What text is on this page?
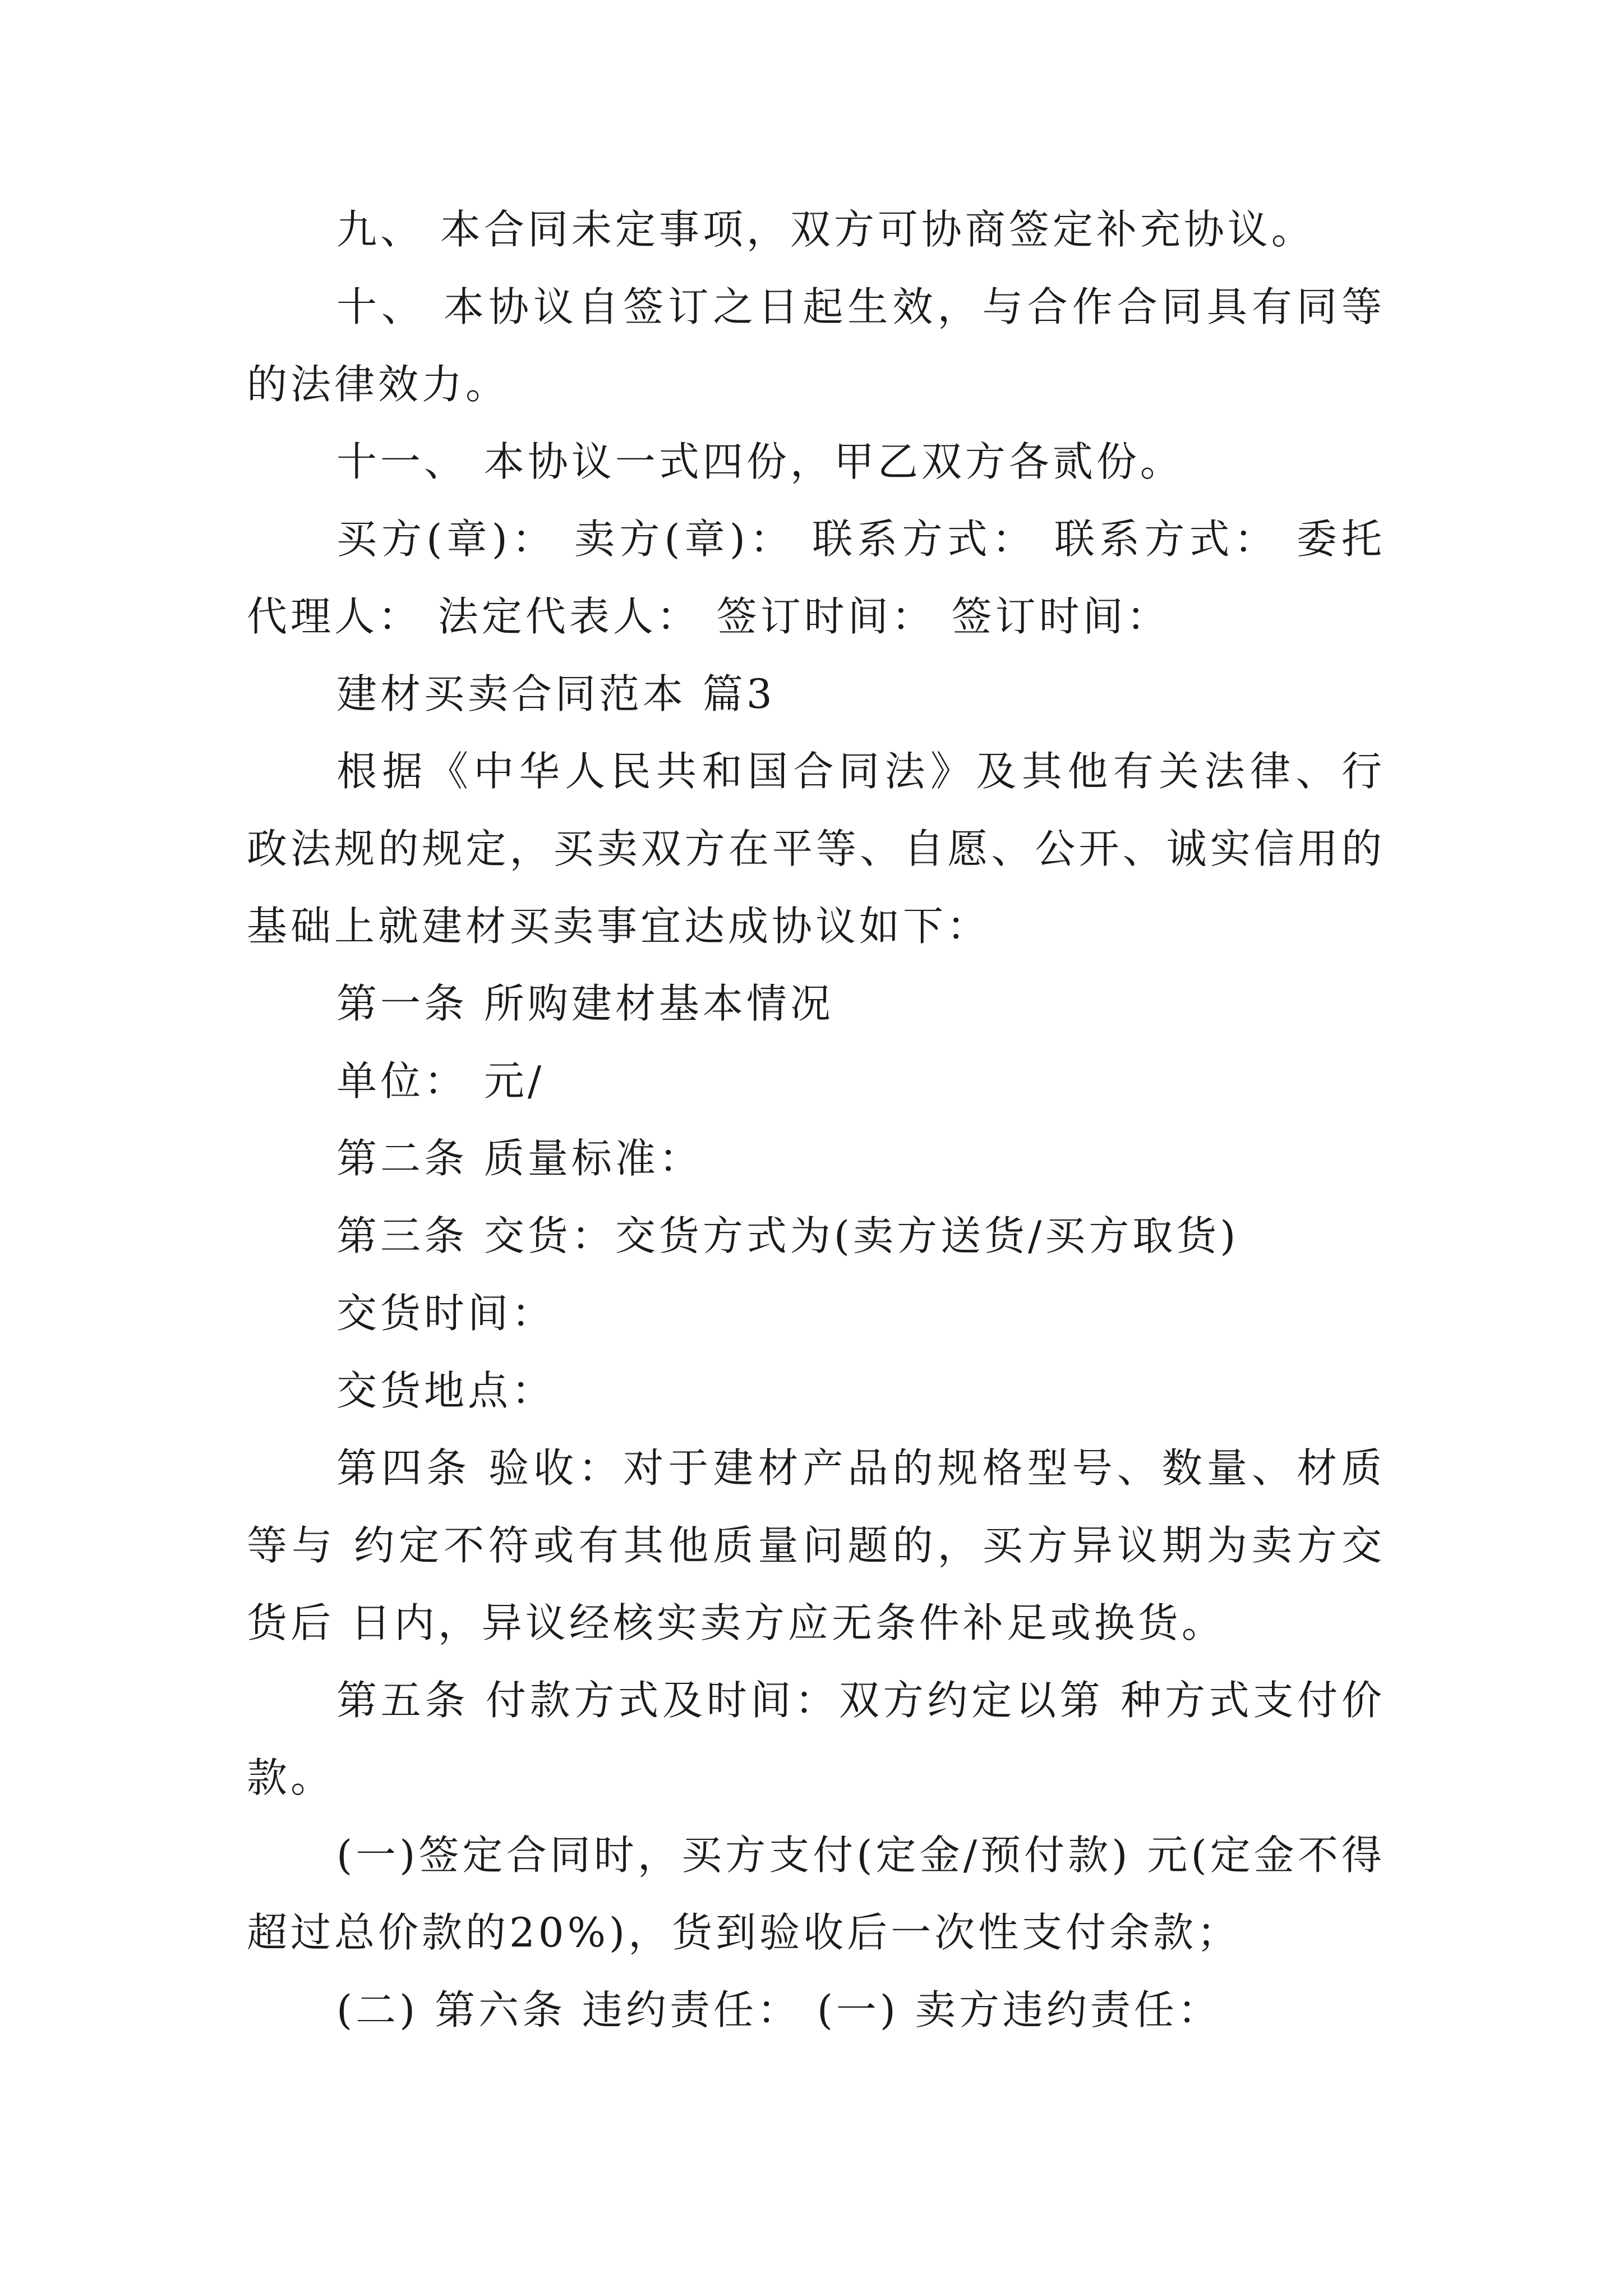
九、 本合同未定事项，双方可协商签定补充协议。

十、 本协议自签订之日起生效，与合作合同具有同等的法律效力。

十一、 本协议一式四份，甲乙双方各贰份。

买方(章)： 卖方(章)： 联系方式： 联系方式： 委托代理人： 法定代表人： 签订时间： 签订时间：

建材买卖合同范本 篇3

根据《中华人民共和国合同法》及其他有关法律、行政法规的规定，买卖双方在平等、自愿、公开、诚实信用的基础上就建材买卖事宜达成协议如下：

第一条 所购建材基本情况

单位： 元/

第二条 质量标准：

第三条 交货：交货方式为(卖方送货/买方取货)

交货时间：

交货地点：

第四条 验收：对于建材产品的规格型号、数量、材质等与 约定不符或有其他质量问题的，买方异议期为卖方交货后 日内，异议经核实卖方应无条件补足或换货。

第五条 付款方式及时间：双方约定以第 种方式支付价款。

(一)签定合同时，买方支付(定金/预付款) 元(定金不得超过总价款的20%)，货到验收后一次性支付余款；

(二) 第六条 违约责任： (一) 卖方违约责任：
